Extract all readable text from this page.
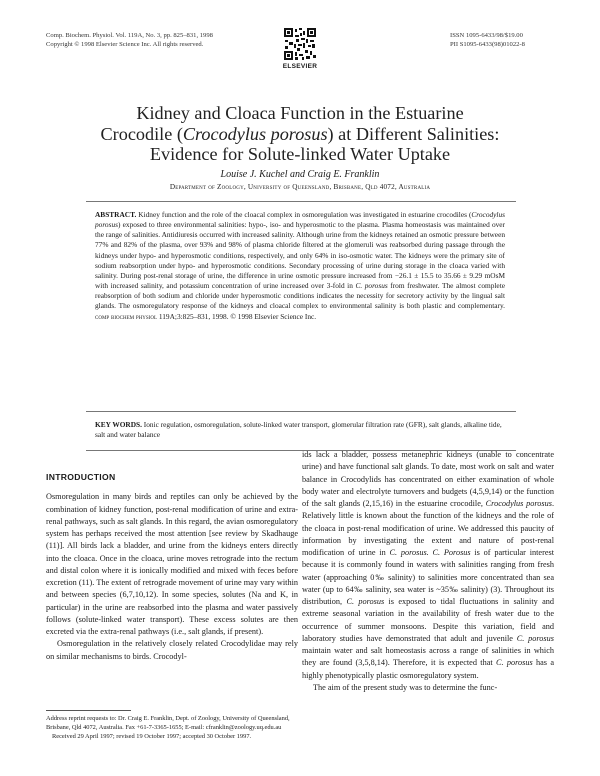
Comp. Biochem. Physiol. Vol. 119A, No. 3, pp. 825–831, 1998
Copyright © 1998 Elsevier Science Inc. All rights reserved.
ELSEVIER
ISSN 1095-6433/98/$19.00
PII S1095-6433(98)01022-8
Kidney and Cloaca Function in the Estuarine
Crocodile (Crocodylus porosus) at Different Salinities:
Evidence for Solute-linked Water Uptake
Louise J. Kuchel and Craig E. Franklin
Department of Zoology, University of Queensland, Brisbane, Qld 4072, Australia
ABSTRACT. Kidney function and the role of the cloacal complex in osmoregulation was investigated in estuarine crocodiles (Crocodylus porosus) exposed to three environmental salinities: hypo-, iso- and hyperosmotic to the plasma. Plasma homeostasis was maintained over the range of salinities. Antidiuresis occurred with increased salinity. Although urine from the kidneys retained an osmotic pressure between 77% and 82% of the plasma, over 93% and 98% of plasma chloride filtered at the glomeruli was reabsorbed during passage through the kidneys under hypo- and hyperosmotic conditions, respectively, and only 64% in iso-osmotic water. The kidneys were the primary site of sodium reabsorption under hypo- and hyperosmotic conditions. Secondary processing of urine during storage in the cloaca varied with salinity. During post-renal storage of urine, the difference in urine osmotic pressure increased from −26.1 ± 15.5 to 35.66 ± 9.29 mOsM with increased salinity, and potassium concentration of urine increased over 3-fold in C. porosus from freshwater. The almost complete reabsorption of both sodium and chloride under hyperosmotic conditions indicates the necessity for secretory activity by the lingual salt glands. The osmoregulatory response of the kidneys and cloacal complex to environmental salinity is both plastic and complementary. comp biochem physiol 119A;3:825–831, 1998. © 1998 Elsevier Science Inc.
KEY WORDS. Ionic regulation, osmoregulation, solute-linked water transport, glomerular filtration rate (GFR), salt glands, alkaline tide, salt and water balance
INTRODUCTION

Osmoregulation in many birds and reptiles can only be achieved by the combination of kidney function, post-renal modification of urine and extra-renal pathways, such as salt glands. In this regard, the avian osmoregulatory system has perhaps received the most attention [see review by Skadhauge (11)]. All birds lack a bladder, and urine from the kidneys enters directly into the cloaca. Once in the cloaca, urine moves retrograde into the rectum and distal colon where it is ionically modified and mixed with feces before excretion (11). The extent of retrograde movement of urine may vary within and between species (6,7,10,12). In some species, solutes (Na and K, in particular) in the urine are reabsorbed into the plasma and water passively follows (solute-linked water transport). These excess solutes are then excreted via the extra-renal pathways (i.e., salt glands, if present).

Osmoregulation in the relatively closely related Crocodylidae may rely on similar mechanisms to birds. Crocodyl-

ids lack a bladder, possess metanephric kidneys (unable to concentrate urine) and have functional salt glands. To date, most work on salt and water balance in Crocodylids has concentrated on either examination of whole body water and electrolyte turnovers and budgets (4,5,9,14) or the function of the salt glands (2,15,16) in the estuarine crocodile, Crocodylus porosus. Relatively little is known about the function of the kidneys and the role of the cloaca in post-renal modification of urine. We addressed this paucity of information by investigating the extent and nature of post-renal modification of urine in C. porosus. C. Porosus is of particular interest because it is commonly found in waters with salinities ranging from fresh water (approaching 0‰ salinity) to salinities more concentrated than sea water (up to 64‰ salinity, sea water is ~35‰ salinity) (3). Throughout its distribution, C. porosus is exposed to tidal fluctuations in salinity and extreme seasonal variation in the availability of fresh water due to the occurrence of summer monsoons. Despite this variation, field and laboratory studies have demonstrated that adult and juvenile C. porosus maintain water and salt homeostasis across a range of salinities in which they are found (3,5,8,14). Therefore, it is expected that C. porosus has a highly phenotypically plastic osmoregulatory system.

The aim of the present study was to determine the func-

Address reprint requests to: Dr. Craig E. Franklin, Dept. of Zoology, University of Queensland, Brisbane, Qld 4072, Australia. Fax +61-7-3365-1655; E-mail: cfranklin@zoology.uq.edu.au
Received 29 April 1997; revised 19 October 1997; accepted 30 October 1997.
